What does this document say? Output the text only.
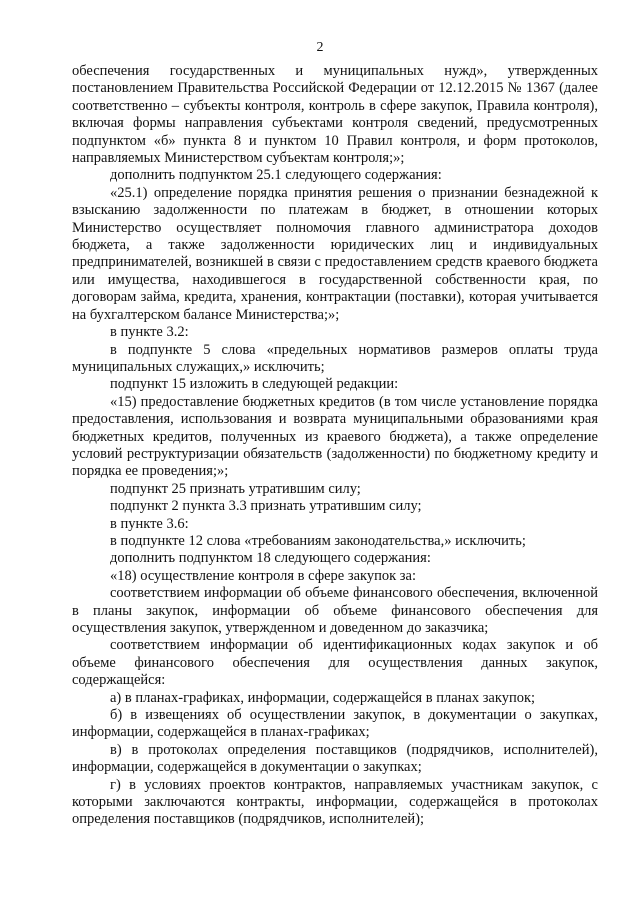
2

обеспечения государственных и муниципальных нужд», утвержденных постановлением Правительства Российской Федерации от 12.12.2015 № 1367 (далее соответственно – субъекты контроля, контроль в сфере закупок, Правила контроля), включая формы направления субъектами контроля сведений, предусмотренных подпунктом «б» пункта 8 и пунктом 10 Правил контроля, и форм протоколов, направляемых Министерством субъектам контроля;»;

дополнить подпунктом 25.1 следующего содержания:

«25.1) определение порядка принятия решения о признании безнадежной к взысканию задолженности по платежам в бюджет, в отношении которых Министерство осуществляет полномочия главного администратора доходов бюджета, а также задолженности юридических лиц и индивидуальных предпринимателей, возникшей в связи с предоставлением средств краевого бюджета или имущества, находившегося в государственной собственности края, по договорам займа, кредита, хранения, контрактации (поставки), которая учитывается на бухгалтерском балансе Министерства;»;

в пункте 3.2:

в подпункте 5 слова «предельных нормативов размеров оплаты труда муниципальных служащих,» исключить;

подпункт 15 изложить в следующей редакции:

«15) предоставление бюджетных кредитов (в том числе установление порядка предоставления, использования и возврата муниципальными образованиями края бюджетных кредитов, полученных из краевого бюджета), а также определение условий реструктуризации обязательств (задолженности) по бюджетному кредиту и порядка ее проведения;»;

подпункт 25 признать утратившим силу;

подпункт 2 пункта 3.3 признать утратившим силу;

в пункте 3.6:

в подпункте 12 слова «требованиям законодательства,» исключить;

дополнить подпунктом 18 следующего содержания:

«18) осуществление контроля в сфере закупок за:

соответствием информации об объеме финансового обеспечения, включенной в планы закупок, информации об объеме финансового обеспечения для осуществления закупок, утвержденном и доведенном до заказчика;

соответствием информации об идентификационных кодах закупок и об объеме финансового обеспечения для осуществления данных закупок, содержащейся:

а) в планах-графиках, информации, содержащейся в планах закупок;

б) в извещениях об осуществлении закупок, в документации о закупках, информации, содержащейся в планах-графиках;

в) в протоколах определения поставщиков (подрядчиков, исполнителей), информации, содержащейся в документации о закупках;

г) в условиях проектов контрактов, направляемых участникам закупок, с которыми заключаются контракты, информации, содержащейся в протоколах определения поставщиков (подрядчиков, исполнителей);
